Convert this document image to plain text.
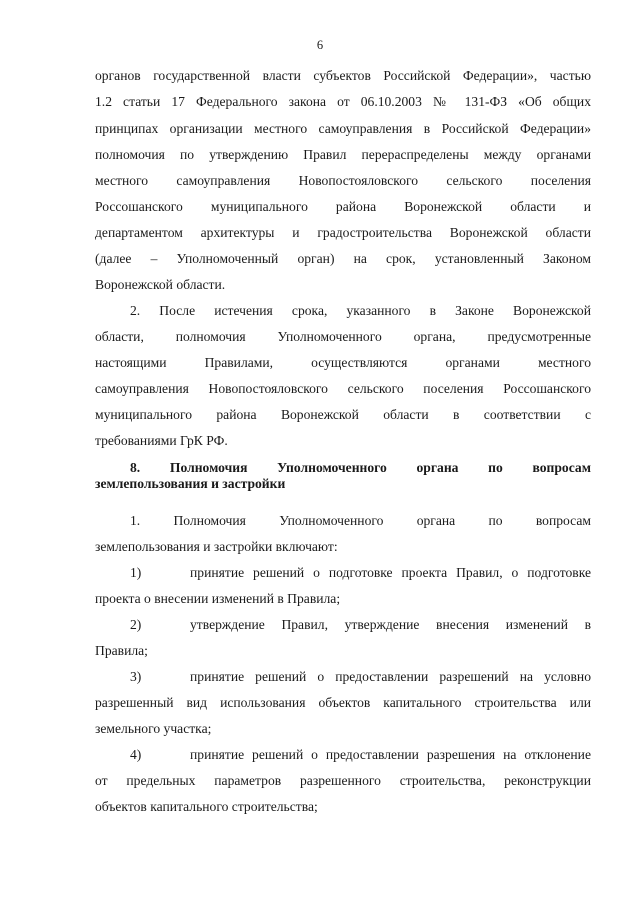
6
органов государственной власти субъектов Российской Федерации», частью
1.2 статьи 17 Федерального закона от 06.10.2003 № 131-ФЗ «Об общих
принципах организации местного самоуправления в Российской Федерации»
полномочия по утверждению Правил перераспределены между органами
местного самоуправления Новопостояловского сельского поселения
Россошанского муниципального района Воронежской области и
департаментом архитектуры и градостроительства Воронежской области
(далее – Уполномоченный орган) на срок, установленный Законом
Воронежской области.
2. После истечения срока, указанного в Законе Воронежской
области, полномочия Уполномоченного органа, предусмотренные
настоящими Правилами, осуществляются органами местного
самоуправления Новопостояловского сельского поселения Россошанского
муниципального района Воронежской области в соответствии с
требованиями ГрК РФ.
8. Полномочия Уполномоченного органа по вопросам
землепользования и застройки
1. Полномочия Уполномоченного органа по вопросам
землепользования и застройки включают:
1)	принятие решений о подготовке проекта Правил, о подготовке
проекта о внесении изменений в Правила;
2)	утверждение Правил, утверждение внесения изменений в
Правила;
3)	принятие решений о предоставлении разрешений на условно
разрешенный вид использования объектов капитального строительства или
земельного участка;
4)	принятие решений о предоставлении разрешения на отклонение
от предельных параметров разрешенного строительства, реконструкции
объектов капитального строительства;
